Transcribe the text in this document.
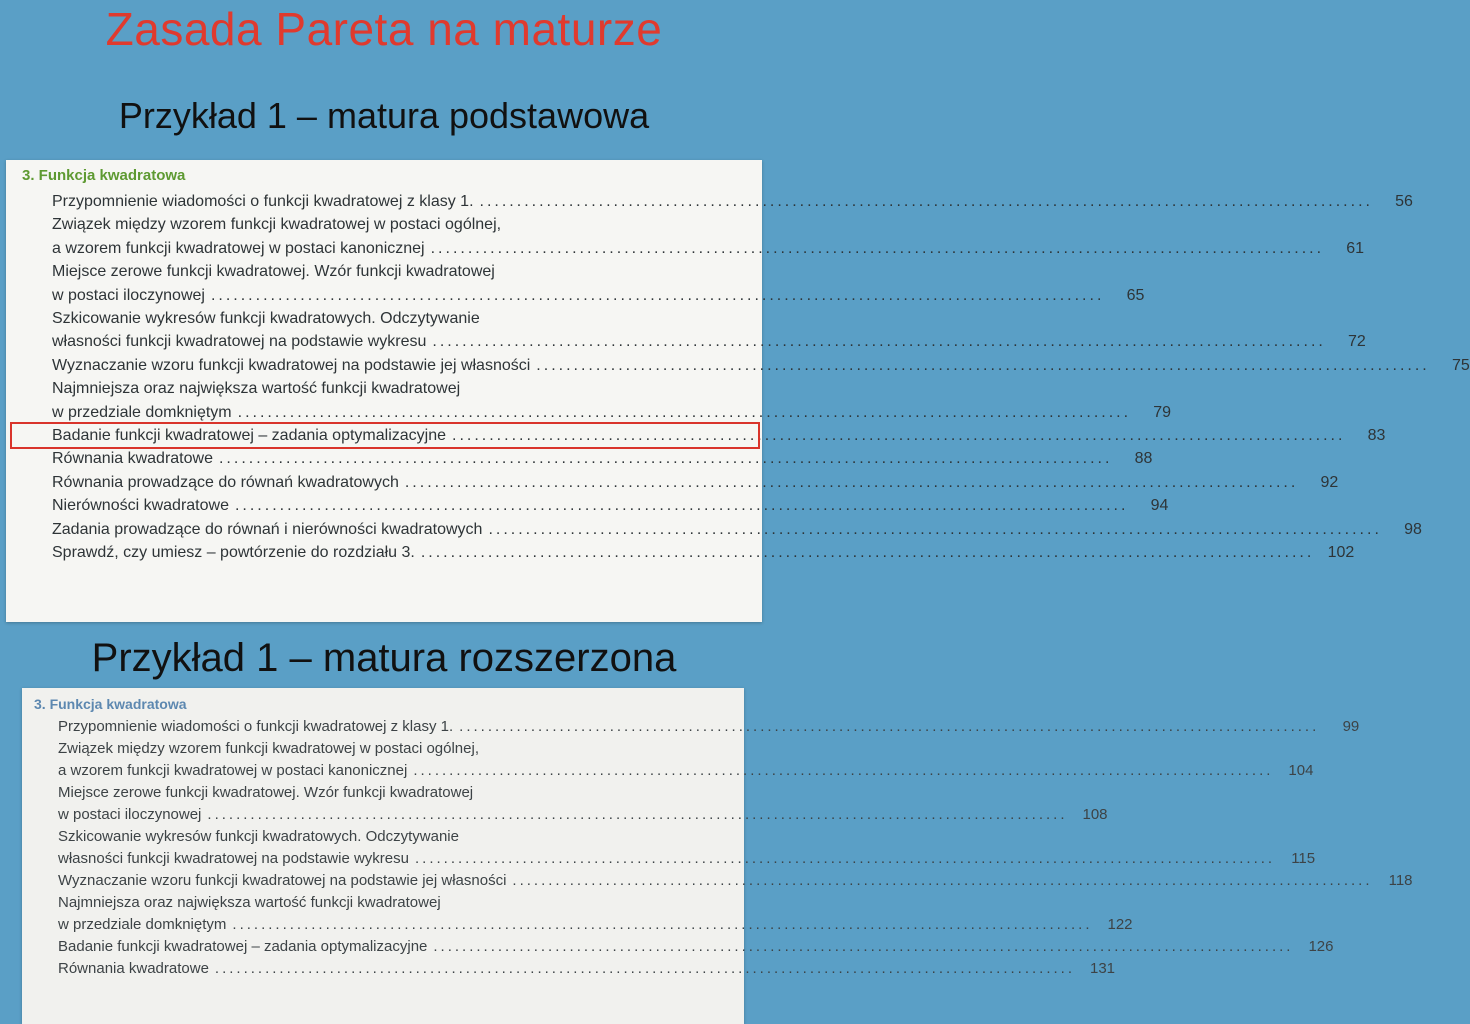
Zasada Pareta na maturze
Przykład 1 – matura podstawowa
3. Funkcja kwadratowa
Przypomnienie wiadomości o funkcji kwadratowej z klasy 1. ........................................................................................................................	56
Związek między wzorem funkcji kwadratowej w postaci ogólnej,
a wzorem funkcji kwadratowej w postaci kanonicznej ........................................................................................................................	61
Miejsce zerowe funkcji kwadratowej. Wzór funkcji kwadratowej
w postaci iloczynowej ........................................................................................................................	65
Szkicowanie wykresów funkcji kwadratowych. Odczytywanie
własności funkcji kwadratowej na podstawie wykresu ........................................................................................................................	72
Wyznaczanie wzoru funkcji kwadratowej na podstawie jej własności ........................................................................................................................	75
Najmniejsza oraz największa wartość funkcji kwadratowej
w przedziale domkniętym ........................................................................................................................	79
Badanie funkcji kwadratowej – zadania optymalizacyjne ........................................................................................................................	83
Równania kwadratowe ........................................................................................................................	88
Równania prowadzące do równań kwadratowych ........................................................................................................................	92
Nierówności kwadratowe ........................................................................................................................	94
Zadania prowadzące do równań i nierówności kwadratowych ........................................................................................................................	98
Sprawdź, czy umiesz – powtórzenie do rozdziału 3. ........................................................................................................................ 102
Przykład 1 – matura rozszerzona
3. Funkcja kwadratowa
Przypomnienie wiadomości o funkcji kwadratowej z klasy 1. ........................................................................................................................	99
Związek między wzorem funkcji kwadratowej w postaci ogólnej,
a wzorem funkcji kwadratowej w postaci kanonicznej ........................................................................................................................ 104
Miejsce zerowe funkcji kwadratowej. Wzór funkcji kwadratowej
w postaci iloczynowej ........................................................................................................................ 108
Szkicowanie wykresów funkcji kwadratowych. Odczytywanie
własności funkcji kwadratowej na podstawie wykresu ........................................................................................................................	115
Wyznaczanie wzoru funkcji kwadratowej na podstawie jej własności ........................................................................................................................	118
Najmniejsza oraz największa wartość funkcji kwadratowej
w przedziale domkniętym ........................................................................................................................ 122
Badanie funkcji kwadratowej – zadania optymalizacyjne ........................................................................................................................ 126
Równania kwadratowe ........................................................................................................................ 131
